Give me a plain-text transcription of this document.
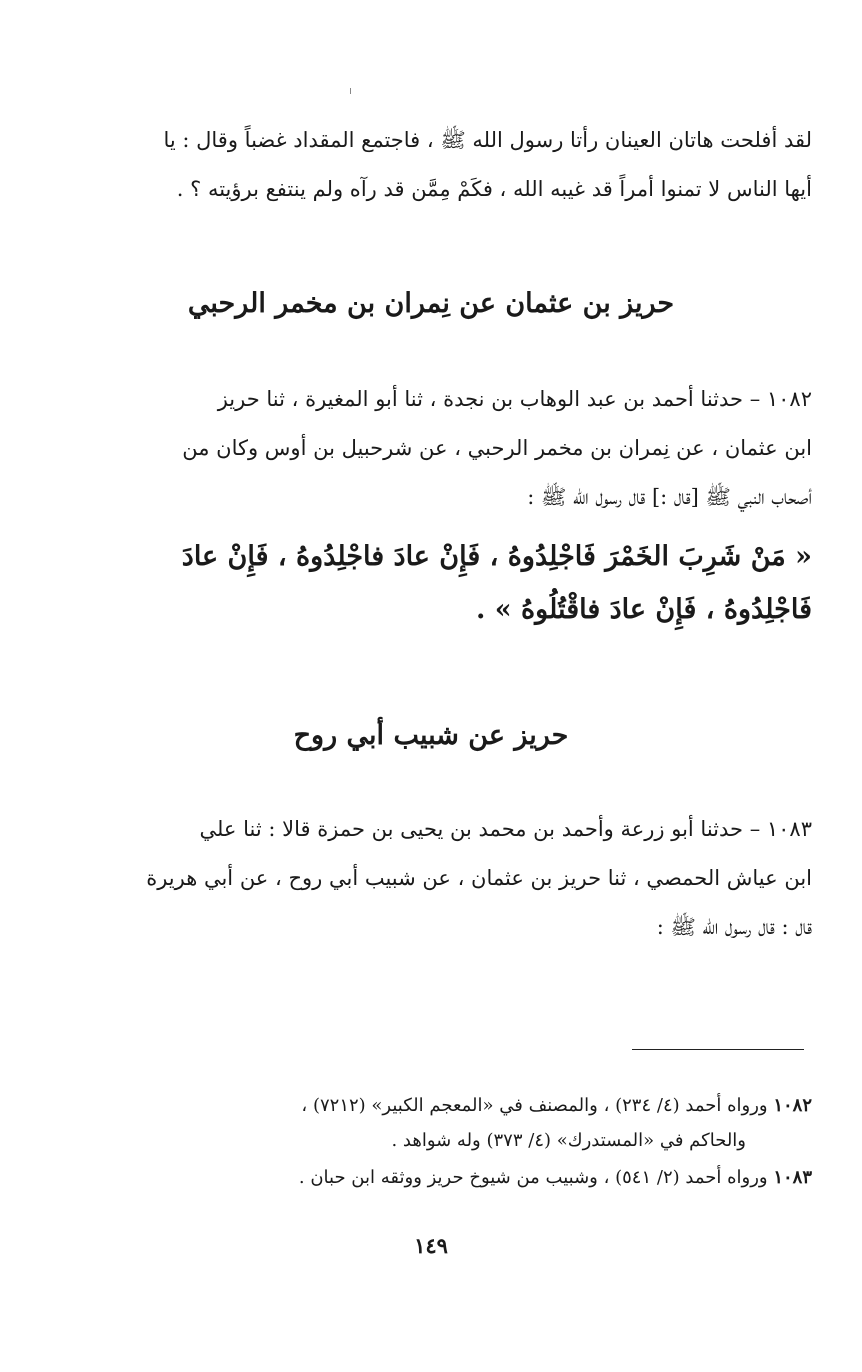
لقد أفلحت هاتان العينان رأتا رسول الله ﷺ ، فاجتمع المقداد غضباً وقال : يا
أيها الناس لا تمنوا أمراً قد غيبه الله ، فكَمْ مِمَّن قد رآه ولم ينتفع برؤيته ؟ .
حريز بن عثمان عن نِمران بن مخمر الرحبي
١٠٨٢ – حدثنا أحمد بن عبد الوهاب بن نجدة ، ثنا أبو المغيرة ، ثنا حريز
ابن عثمان ، عن نِمران بن مخمر الرحبي ، عن شرحبيل بن أوس وكان من
أصحاب النبي ﷺ [قال :] قال رسول الله ﷺ :
« مَنْ شَرِبَ الخَمْرَ فَاجْلِدُوهُ ، فَإِنْ عادَ فاجْلِدُوهُ ، فَإِنْ عادَ
فَاجْلِدُوهُ ، فَإِنْ عادَ فاقْتُلُوهُ » .
حريز عن شبيب أبي روح
١٠٨٣ – حدثنا أبو زرعة وأحمد بن محمد بن يحيى بن حمزة قالا : ثنا علي
ابن عياش الحمصي ، ثنا حريز بن عثمان ، عن شبيب أبي روح ، عن أبي هريرة
قال : قال رسول الله ﷺ :
١٠٨٢ ورواه أحمد (٤/ ٢٣٤) ، والمصنف في «المعجم الكبير» (٧٢١٢) ،
والحاكم في «المستدرك» (٤/ ٣٧٣) وله شواهد .
١٠٨٣ ورواه أحمد (٢/ ٥٤١) ، وشبيب من شيوخ حريز ووثقه ابن حبان .
١٤٩
